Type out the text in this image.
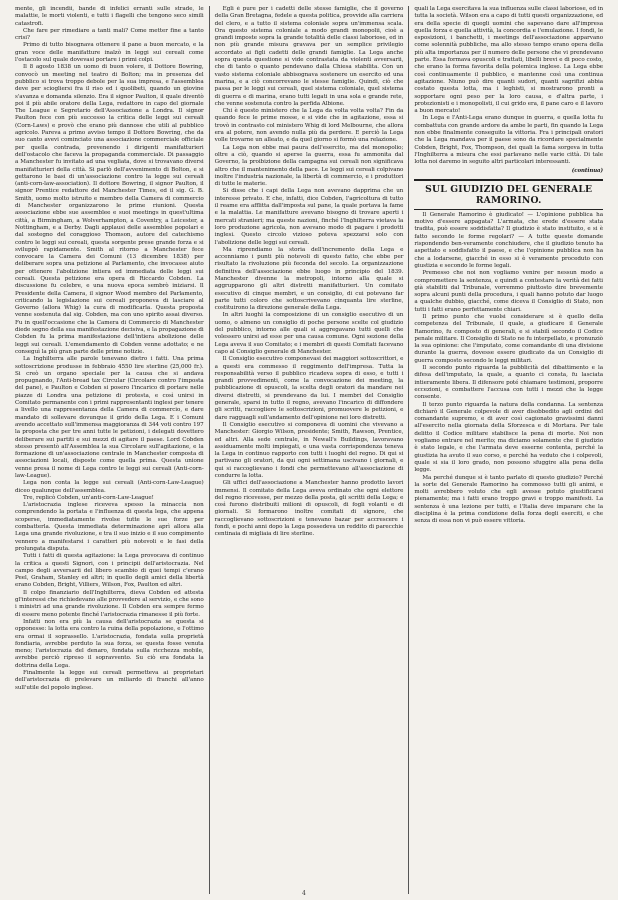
mente, gli incendii, bande di infelici erranti sulle strade, le malattie, le morti violenti, e tutti i flagelli che tengono seco simili catastrofi.

Che fare per rimediare a tanti mali? Come metter fine a tanto crisi?

Primo di tutto bisognava ottenere il pane a buon mercato, e la gran voce delle manifatture inalzò in leggi sui cereali come l'ostacolo sul quale dovevasi portare i primi colpi.

Il 8 agosto 1838 un uomo di buon volere, il Dottore Bowring, convocò un meeting nel teatro di Bolton; ma in presenza del pubblico si trova troppo debole per la sua impresa, e l'assemblea deve per sciogliersi fra il riso ed i quolibeti, quando un giovine s'avanza e domanda silenzio. Era il signor Paulton, il quale diventò poi il più abile oratore della Lega, redattore in capo del giornale The League e Segretario dell'Associazione a Londra. Il signor Paulton fece con più successo la critica delle leggi sui cereali (Corn-Laws) e provò che erano più dannose che utili al pubblico agricolo. Pareva a primo avviso tempo il Dottore Bowring, che da suo canto avevi cominciato una associazione commerciale officiale per quella contrada, prevenendo i dirigenti manifatturieri dell'ostacolo che faceva la propaganda commerciale. Di passaggio a Manchester fu invitato ad una vegliata, dove si trovavano diversi manifatturieri della città. Si parlò dell'avvenimento di Bolton, e si gettarono le basi di un'associazione contro la legge sui cereali (anti-corn-law-association). Il dottore Bowring, il signor Paulton, il signor Prentice redattore del Manchester Times, ed il sig. G. B. Smith, uomo molto istruito e membro della Camera di commercio di Manchester organizzarono le prime riunioni. Questa associazione ebbe sue assemblee e suoi meetings in quest'ultima città, a Birmingham, a Wolverhampton, a Coventry, a Leicester, a Nottingham, e a Derby. Dagli applausi delle assemblee popolari e dal sostegno del coraggioso Thomson, autore del catechismo contro le leggi sui cereali, questa sorgente prese grande forza e si sviluppò rapidamente. Smith al ritorno a Manchester fece convocare la Camera dei Comuni (13 dicembre 1838) per deliberare sopra una petizione al Parlamento, che invocasse aiuto per ottenere l'abolizione intiera ed immediata delle leggi sui cereali. Questa petizione era opera di Riccardo Cobden. La discussione fu celebre, e una nuova epoca sembrò iniziarsi. Il Presidente della Camera, il signor Wood membro del Parlamento, criticando la legislazione sui cereali proponeva di lasciare al Governo (allora Whig) la cura di modificarla. Questa proposta venne sostenuta dal sig. Cobden, ma con uno spirito assai diverso. Fu in quell'occasione che la Camera di Commercio di Manchester diede segno della sua manifestazione decisiva, e la propagazione di Cobden fu la prima manifestazione dell'intiera abolizione delle leggi sui cereali. L'emendamento di Cobden venne adottato; e ne conseguì la più gran parte delle prime notizie.

La Inghilterra alle parole tenevano dietro i fatti. Una prima sottoscrizione produsse in febbraio 4550 lire sterline (25,000 fr.). Si creò un organo speciale per la causa che si andava propugnando, l'Anti-bread tax Circular (Circolare contro l'imposta del pane), e Paulton e Cobden si posero l'incarico di portare nelle piazze di Londra una petizione di protesta, e così unirsi in Comitato permanente con i primi rappresentanti inglesi per tenere a livello una rappresentanza della Camera di commercio, e dare mandato di sollevare dovunque il grido della Lega. E i Comuni avendo accettato sull'immensa maggioranza di 344 voti contro 197 la proposta che per tre anni tutte le petizioni, i delegati dovettero deliberare sui partiti e sui mezzi di agitare il paese. Lord Cobden stesso presentò all'Assemblea la sua Circolare sull'agitazione, e la formazione di un'associazione centrale in Manchester composta di associazioni locali, disposte come quella prima. Questa unione venne presa il nome di Lega contro le leggi sui cereali (Anti-corn-law-League).

Lega non conta la legge sui cereali (Anti-corn-Law-League) diceo qualunque dell'assemblea.

Tre, replicò Cobden, un'anti-corn-Law-League!

L'aristocrazia inglese riceveva spesso la minaccia non comprendendo la portata e l'influenza di questa lega, che appena scoperse, immediatamente rivolse tutte le sue forze per combatterla. Questa immediata determinazione aprì allora alla Lega una grande rivoluzione, e tra il suo inizio e il suo compimento vennero a manifestarsi i caratteri più notevoli e le fasi della prolungata disputa.

Tutti i fatti di questa agitazione: la Lega provocava di continuo la critica a questi Signori, con i principii dell'aristocrazia. Nel campo degli avversarii del libero scambio di quei tempi c'erano Peel, Graham, Stanley ed altri; in quello degli amici della libertà erano Cobden, Bright, Villiers, Wilson, Fox, Paulton ed altri.

Il colpo finanziario dell'Inghilterra, dieva Cobden ed attesta gl'interessi che richiedevano alle provvedere al servizio, e che sono i ministri ad una grande rivoluzione. Il Cobden era sempre fermo di essere meno potente finché l'aristocrazia rimanesse il più forte.

Infatti non era più la causa dell'aristocrazia se questa si opponesse: la lotta era contro la ruina della popolazione, e l'ottimo era ormai il soprassello. L'aristocrazia, fondata sulla proprietà fondiaria, avrebbe perduto la sua forza, se questa fosse venuta meno; l'aristocrazia del denaro, fondata sulla ricchezza mobile, avrebbe perciò ripreso il sopravvento. Su ciò era fondata la dottrina della Lega.

Finalmente la legge sui cereali permetteva ai proprietari dell'aristocrazia di prelevare un miliardo di franchi all'anno sull'utile del popolo inglese.

Egli è pure per i cadetti delle stesse famiglie, che il governo della Gran Bretagna, fedele a questa politica, provvide alla carriera del clero, e a tutto il sistema coloniale sopra un'immensa scala. Ora questo sistema coloniale a modo grandi monopolii, cioè a grandi imposte sopra la grande totalità delle classi laboriose, ed in non più grande misura gravava per un semplice privilegio accordato ai figli cadetti delle grandi famiglie. La Lega anche sopra questa questione si vide contrastata da violenti avversarii, che di tanto o quanto pendevano dalla Chiesa stabilita. Con un vasto sistema coloniale abbisognava sostenere un esercito ed una marina, e a ciò concorrevano le stesse famiglie. Quindi, ciò che passa per le leggi sui cereali, quel sistema coloniale, quel sistema di guerra e di marina, erano tutti legati in una sola e grande rete, che venne sostenuta contro la perfida Albione.

Chi è questo ministero che la Lega da volta volta volta? Fin da quando fece le prime mosse, e si vide che in agitazione, essa si trovò in contrasto col ministero Whig di lord Melbourne, che allora era al potere, non avendo nulla più da perdere. E perciò la Lega volle trovarne un alleato, e da quel giorno si formò una relazione.

La Lega non ebbe mai paura dell'esercito, ma del monopolio; oltre a ciò, quando si aperse la guerra, essa fu ammonita dal Governo, la proibizione della campagna sui cereali non significava altro che il mantenimento della pace. Le leggi sui cereali colpivano inoltre l'industria nazionale, la libertà di commercio, e i produttori di tutte le materie.

Si disse che i capi della Lega non avevano dapprima che un interesse privato. E che, infatti, dice Cobden, l'agricoltura di tutto il reame era afflitta dall'imposta sul pane, la quale portava la fame e la malattia. Le manifatture avevano bisogno di trovare aperti i mercati stranieri; ma queste nazioni, finché l'Inghilterra vietava la loro produzione agricola, non avevano modo di pagare i prodotti inglesi. Questo circolo vizioso poteva spezzarsi solo con l'abolizione delle leggi sui cereali.

Ma riprendiamo la storia dell'incremento della Lega e accenniamo i punti più notevoli di questo fatto, che ebbe per risultato la rivoluzione più feconda del secolo. La organizzazione definitiva dell'associazione ebbe luogo in principio del 1839. Manchester divenne la metropoli, intorno alla quale si aggrupparono gli altri distretti manifatturieri. Un comitato esecutivo di cinque membri, e un consiglio, di cui potevano far parte tutti coloro che sottoscrivevano cinquanta lire sterline, costituirono la direzione generale della Lega.

In altri luoghi la composizione di un consiglio esecutivo di un uomo, o almeno un consiglio di poche persone scelte col giudizio del pubblico, intorno alle quali si aggregavano tutti quelli che volessero unirsi ad esse per una causa comune. Ogni sezione della Lega aveva il suo Comitato; e i membri di questi Comitati facevano capo al Consiglio generale di Manchester.

Il Consiglio esecutivo componevasi dei maggiori sottoscrittori, e a questi era commesso il reggimento dell'impresa. Tutta la responsabilità verso il pubblico ricadeva sopra di esso, e tutti i grandi provvedimenti, come la convocazione dei meeting, la pubblicazione di opuscoli, la scelta degli oratori da mandare nei diversi distretti, si prendevano da lui. I membri del Consiglio generale, sparsi in tutto il regno, avevano l'incarico di diffondere gli scritti, raccogliere le sottoscrizioni, promuovere le petizioni, e dare ragguagli sull'andamento dell'opinione nei loro distretti.

Il Consiglio esecutivo si componeva di uomini che vivevano a Manchester: Giorgio Wilson, presidente; Smith, Rawson, Prentice, ed altri. Alla sede centrale, in Newall's Buildings, lavoravano assiduamente molti impiegati, e una vasta corrispondenza teneva la Lega in continuo rapporto con tutti i luoghi del regno. Di qui si partivano gli oratori, da qui ogni settimana uscivano i giornali, e qui si raccoglievano i fondi che permettevano all'associazione di condurre la lotta.

Gli uffici dell'associazione a Manchester hanno prodotto lavori immensi. Il comitato della Lega aveva ordinato che ogni elettore del regno ricevesse, per mezzo della posta, gli scritti della Lega; e così furono distribuiti milioni di opuscoli, di fogli volanti e di giornali. Si formarono inoltre comitati di signore, che raccoglievano sottoscrizioni e tenevano bazar per accrescere i fondi, e pochi anni dopo la Lega possedeva un reddito di parecchie centinaia di migliaia di lire sterline.

quali la Lega esercitava la sua influenza sulle classi laboriose, ed in tutta la società. Wilson era a capo di tutti questi organizzazione, ed era della specie di quegli uomini che sapevano dare all'impresa quella forza e quella attività, la concordia e l'emulazione. I fondi, le esposizioni, i banchetti, i meetings dell'associazione apparvano come solennità pubbliche, ma allo stesso tempo erano opera della più alta importanza per il numero delle persone che vi prendevano parte. Essa formava opuscoli e trattati, libelli brevi e di poco costo, che erano la forma favorita della polemica inglese. La Lega ebbe così continuamente il pubblico, e mantenne così una continua agitazione. Niuno può dire quanti sudori, quanti sagrifizi abbia costato questa lotta, ma i leghisti, si mostrarono pronti a sopportare ogni peso per la loro causa, e d'altra parte, i protezionisti e i monopolisti, il cui grido era, il pane caro e il lavoro a buon mercato!

In Lega e l'Anti-Lega erano dunque in guerra, e quella lotta fu combattuta con grande ardore da ambe le parti, fin quando la Lega non ebbe finalmente conseguito la vittoria. Fra i principali oratori che la Lega mandava per il paese sono da ricordare specialmente Cobden, Bright, Fox, Thompson, dei quali la fama sorgeva in tutta l'Inghilterra a misura che essi parlavano nelle varie città. Di tale lotta noi daremo in seguito altri particolari interessanti.

(continua)
SUL GIUDIZIO DEL GENERALE RAMORINO.

Il Generale Ramorino è giudicato! — L'opinione pubblica ha motivo d'essere appagata? L'armata, che erede d'essere stata tradita, può essere soddisfatta? Il giudizio è stato instituito, e si è fatto secondo le forme regolari? — A tutte queste domande rispondendo ben-veramente conchiudere, che il giudizio tenuto ha aspettato e soddisfatto il paese, e che l'opinione pubblica non ha che a lodarsene, giacché in esso si è veramente proceduto con giustizia e secondo le forme legali.

Premesso che noi non vogliamo venire per nessun modo a compromettere la sentenza, e quindi a contestare la verità dei fatti già stabiliti dal Tribunale, vorremmo piuttosto dire brevemente sopra alcuni punti della procedura, i quali hanno potuto dar luogo a qualche dubbio, giacché, come diceva il Consiglio di Stato, non tutti i fatti erano perfettamente chiari.

Il primo punto che vuolsi considerare si è quello della competenza del Tribunale, il quale, a giudicare il Generale Ramorino, fu composto di generali, e si stabilì secondo il Codice penale militare. Il Consiglio di Stato ne fu interpellato, e pronunziò la sua opinione: che l'imputato, come comandante di una divisione durante la guerra, dovesse essere giudicato da un Consiglio di guerra composto secondo le leggi militari.

Il secondo punto riguarda la pubblicità del dibattimento e la difesa dell'imputato, la quale, a quanto ci consta, fu lasciata intieramente libera. Il difensore poté chiamare testimoni, proporre eccezioni, e combattere l'accusa con tutti i mezzi che la legge consente.

Il terzo punto riguarda la natura della condanna. La sentenza dichiarò il Generale colpevole di aver disobbedito agli ordini del comandante supremo, e di aver così cagionato gravissimi danni all'esercito nella giornata della Sforzesca e di Mortara. Per tale delitto il Codice militare stabilisce la pena di morte. Noi non vogliamo entrare nel merito; ma diciamo solamente che il giudizio è stato legale, e che l'armata deve esserne contenta, perché la giustizia ha avuto il suo corso, e perché ha veduto che i colpevoli, quale si sia il loro grado, non possono sfuggire alla pena della legge.

Ma perché dunque si è tanto parlato di questo giudizio? Perché la sorte del Generale Ramorino ha commosso tutti gli animi, e molti avrebbero voluto che egli avesse potuto giustificarsi pienamente; ma i fatti erano troppo gravi e troppo manifesti. La sentenza è una lezione per tutti, e l'Italia deve imparare che la disciplina è la prima condizione della forza degli eserciti, e che senza di essa non vi può essere vittoria.

4
